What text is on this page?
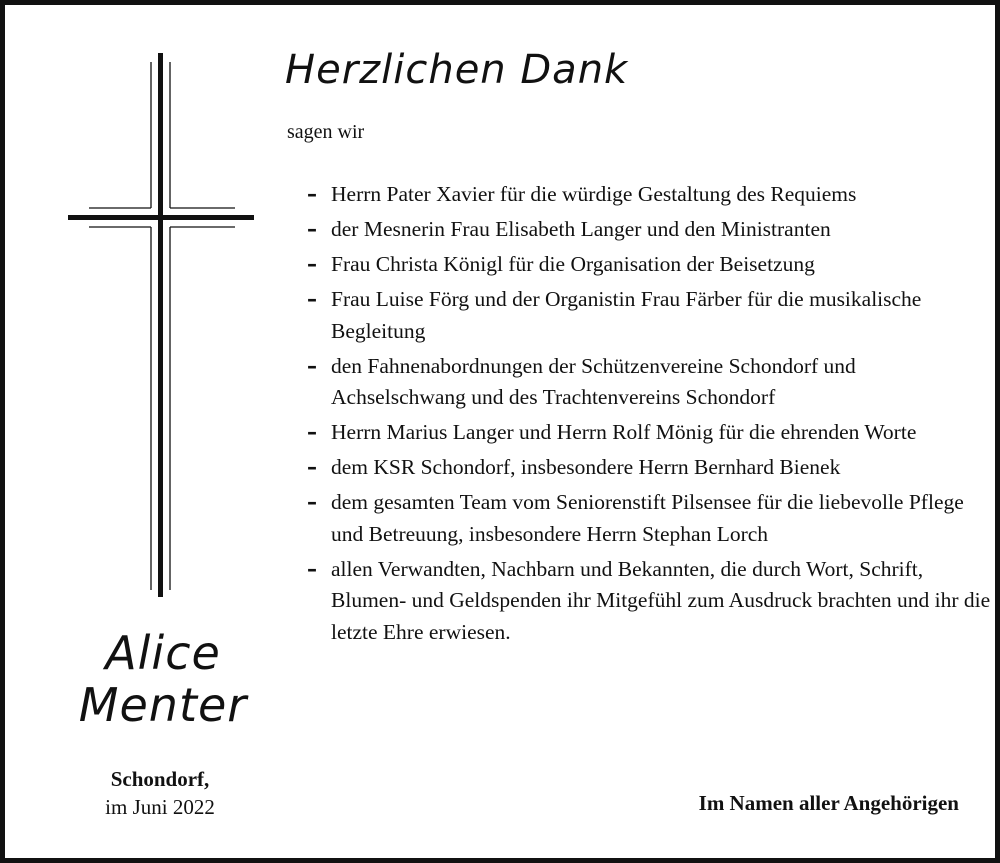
Herzlichen Dank
sagen wir
– Herrn Pater Xavier für die würdige Gestaltung des Requiems
– der Mesnerin Frau Elisabeth Langer und den Ministranten
– Frau Christa Königl für die Organisation der Beisetzung
– Frau Luise Förg und der Organistin Frau Färber für die musikalische Begleitung
– den Fahnenabordnungen der Schützenvereine Schondorf und Achselschwang und des Trachtenvereins Schondorf
– Herrn Marius Langer und Herrn Rolf Mönig für die ehrenden Worte
– dem KSR Schondorf, insbesondere Herrn Bernhard Bienek
– dem gesamten Team vom Seniorenstift Pilsensee für die liebevolle Pflege und Betreuung, insbesondere Herrn Stephan Lorch
– allen Verwandten, Nachbarn und Bekannten, die durch Wort, Schrift, Blumen- und Geldspenden ihr Mitgefühl zum Ausdruck brachten und ihr die letzte Ehre erwiesen.
Alice
Menter
Schondorf,
im Juni 2022	Im Namen aller Angehörigen
